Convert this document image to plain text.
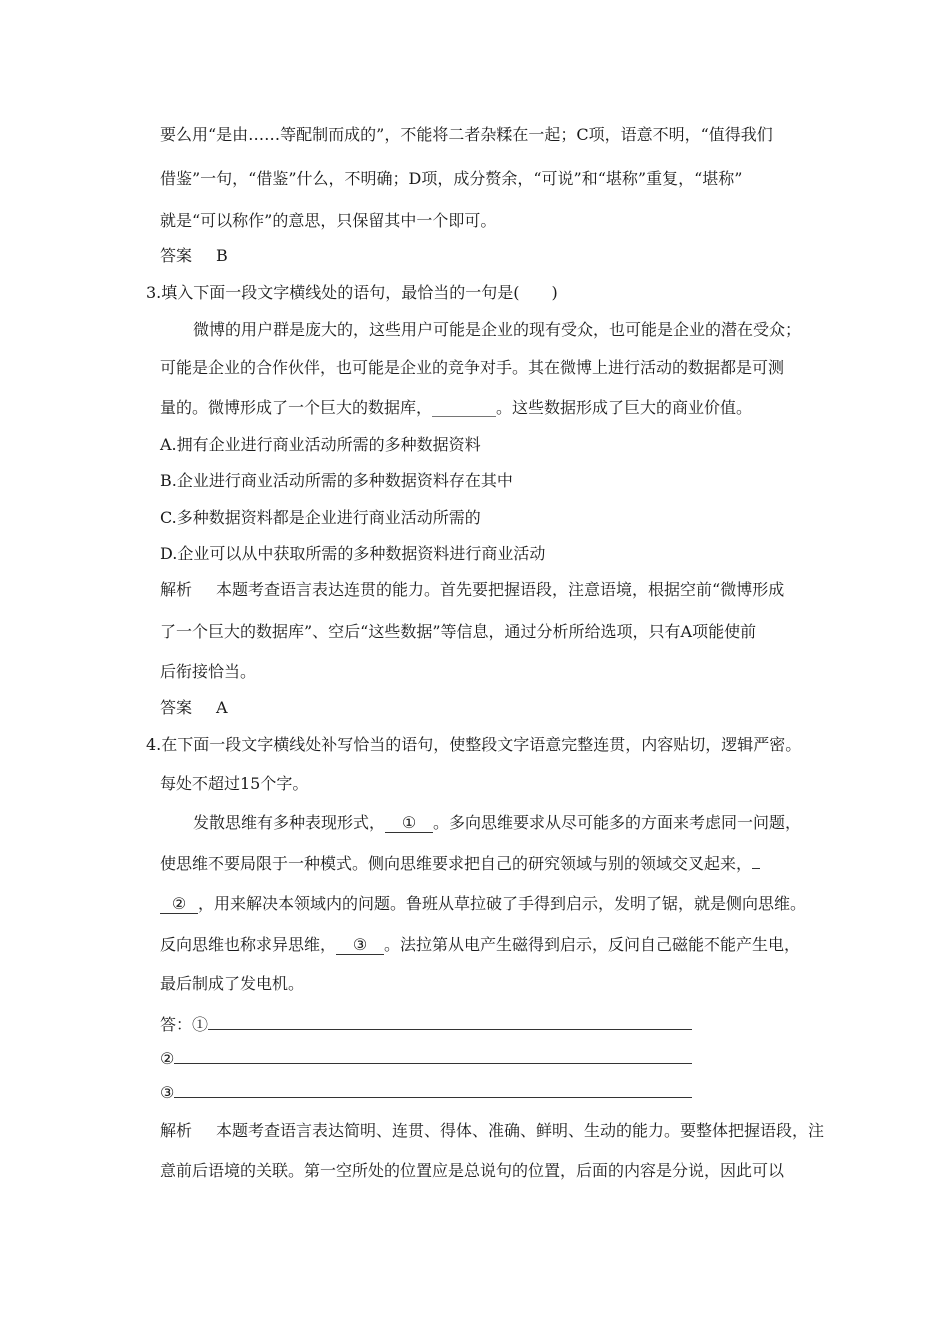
要么用“是由……等配制而成的”，不能将二者杂糅在一起；C项，语意不明，“值得我们
借鉴”一句，“借鉴”什么，不明确；D项，成分赘余，“可说”和“堪称”重复，“堪称”
就是“可以称作”的意思，只保留其中一个即可。
答案 B
3.填入下面一段文字横线处的语句，最恰当的一句是(　　)
微博的用户群是庞大的，这些用户可能是企业的现有受众，也可能是企业的潜在受众；
可能是企业的合作伙伴，也可能是企业的竞争对手。其在微博上进行活动的数据都是可测
量的。微博形成了一个巨大的数据库，________。这些数据形成了巨大的商业价值。
A.拥有企业进行商业活动所需的多种数据资料
B.企业进行商业活动所需的多种数据资料存在其中
C.多种数据资料都是企业进行商业活动所需的
D.企业可以从中获取所需的多种数据资料进行商业活动
解析 本题考查语言表达连贯的能力。首先要把握语段，注意语境，根据空前“微博形成
了一个巨大的数据库”、空后“这些数据”等信息，通过分析所给选项，只有A项能使前
后衔接恰当。
答案 A
4.在下面一段文字横线处补写恰当的语句，使整段文字语意完整连贯，内容贴切，逻辑严密。
每处不超过15个字。
发散思维有多种表现形式， ① 。多向思维要求从尽可能多的方面来考虑同一问题，
使思维不要局限于一种模式。侧向思维要求把自己的研究领域与别的领域交叉起来，
② ，用来解决本领域内的问题。鲁班从草拉破了手得到启示，发明了锯，就是侧向思维。
反向思维也称求异思维， ③ 。法拉第从电产生磁得到启示，反问自己磁能不能产生电，
最后制成了发电机。
答：①
②
③
解析 本题考查语言表达简明、连贯、得体、准确、鲜明、生动的能力。要整体把握语段，注
意前后语境的关联。第一空所处的位置应是总说句的位置，后面的内容是分说，因此可以
